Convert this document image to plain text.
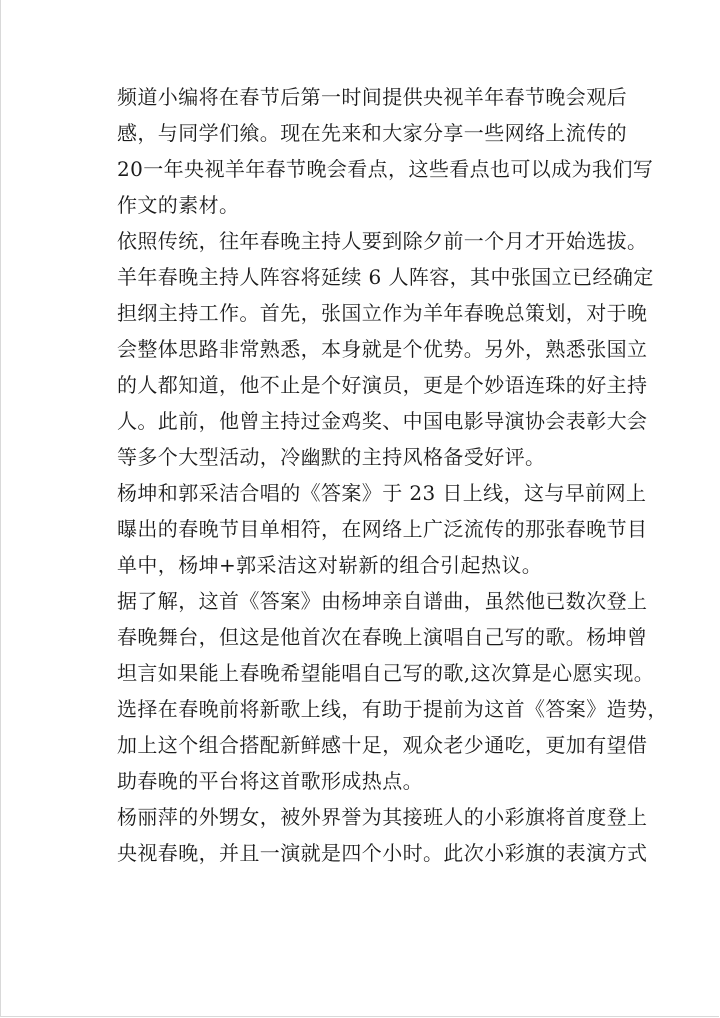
频道小编将在春节后第一时间提供央视羊年春节晚会观后
感，与同学们飨。现在先来和大家分享一些网络上流传的
20一年央视羊年春节晚会看点，这些看点也可以成为我们写
作文的素材。
依照传统，往年春晚主持人要到除夕前一个月才开始选拔。
羊年春晚主持人阵容将延续 6 人阵容，其中张国立已经确定
担纲主持工作。首先，张国立作为羊年春晚总策划，对于晚
会整体思路非常熟悉，本身就是个优势。另外，熟悉张国立
的人都知道，他不止是个好演员，更是个妙语连珠的好主持
人。此前，他曾主持过金鸡奖、中国电影导演协会表彰大会
等多个大型活动，冷幽默的主持风格备受好评。
杨坤和郭采洁合唱的《答案》于 23 日上线，这与早前网上
曝出的春晚节目单相符，在网络上广泛流传的那张春晚节目
单中，杨坤+郭采洁这对崭新的组合引起热议。
据了解，这首《答案》由杨坤亲自谱曲，虽然他已数次登上
春晚舞台，但这是他首次在春晚上演唱自己写的歌。杨坤曾
坦言如果能上春晚希望能唱自己写的歌,这次算是心愿实现。
选择在春晚前将新歌上线，有助于提前为这首《答案》造势，
加上这个组合搭配新鲜感十足，观众老少通吃，更加有望借
助春晚的平台将这首歌形成热点。
杨丽萍的外甥女，被外界誉为其接班人的小彩旗将首度登上
央视春晚，并且一演就是四个小时。此次小彩旗的表演方式
